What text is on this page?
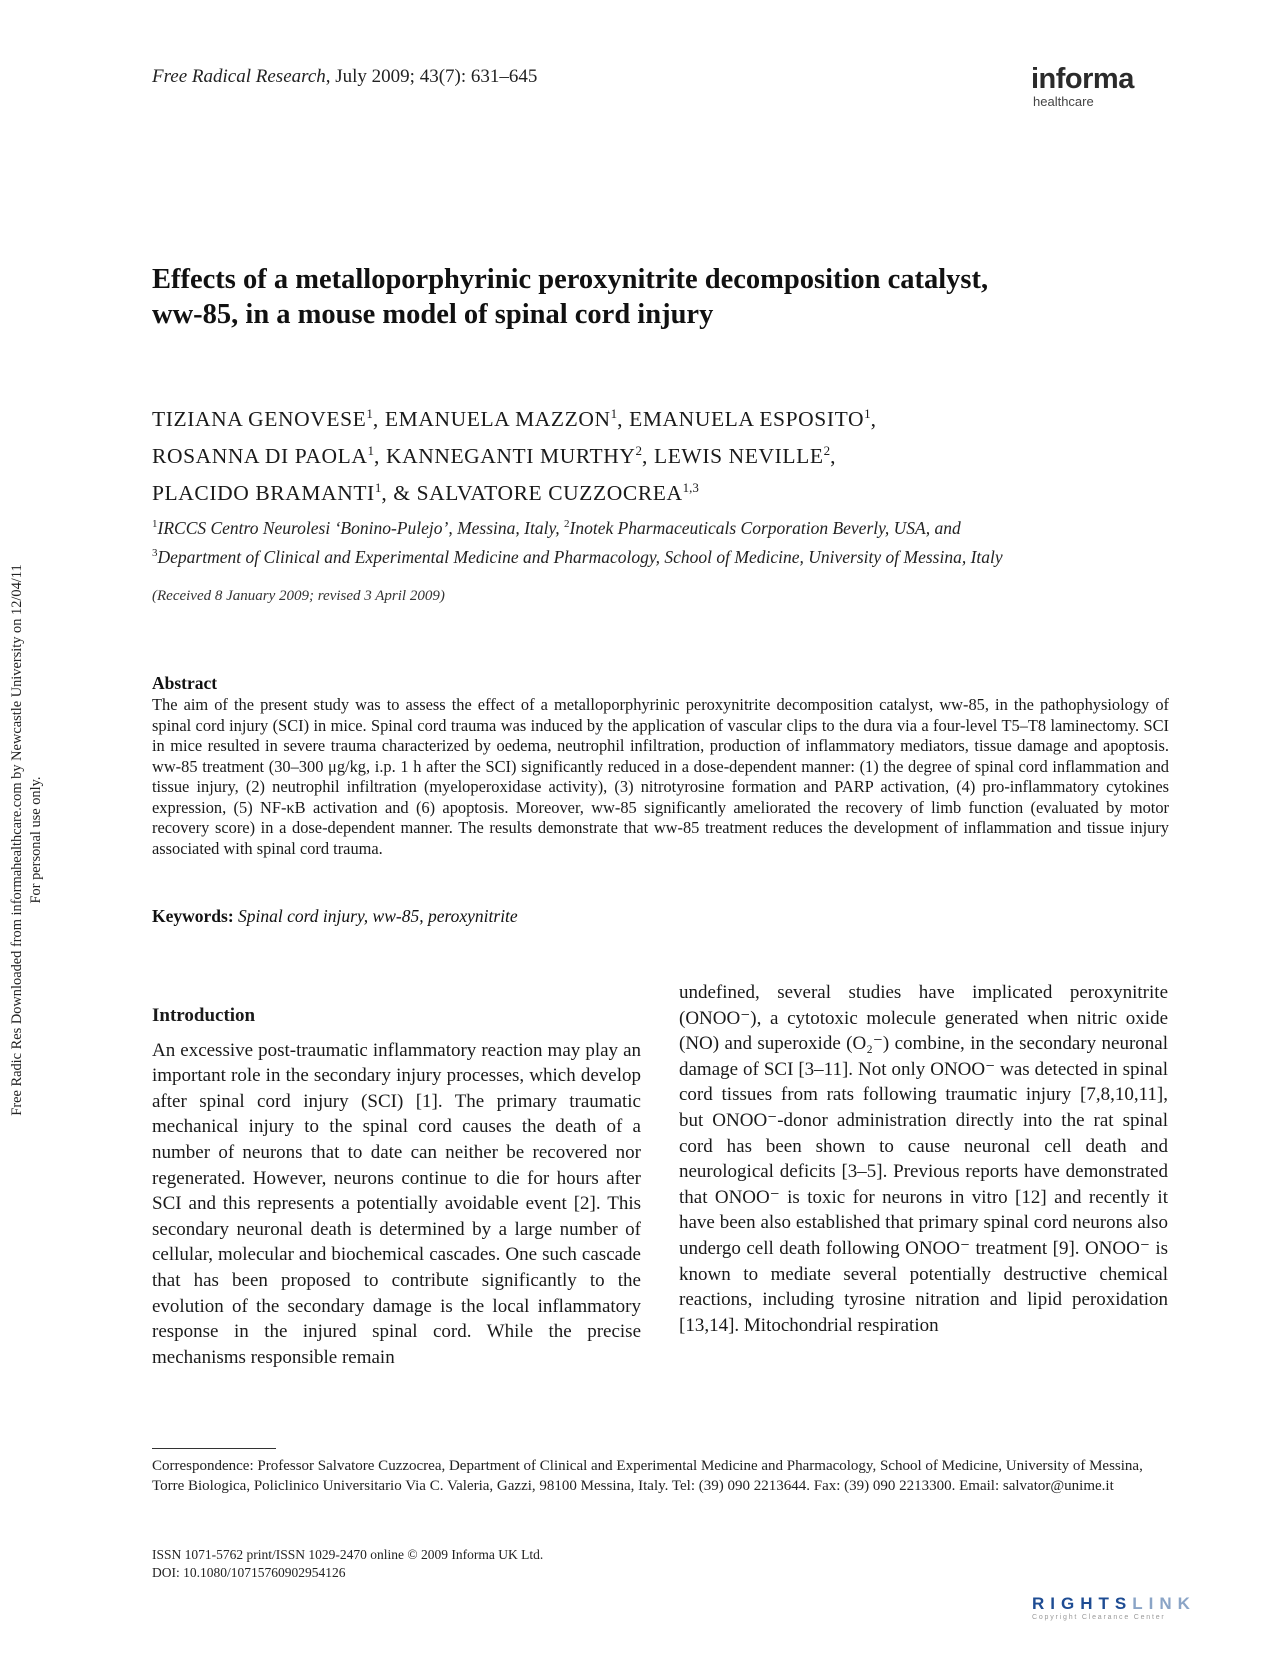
Free Radical Research, July 2009; 43(7): 631–645	informa
healthcare
Effects of a metalloporphyrinic peroxynitrite decomposition catalyst,
ww-85, in a mouse model of spinal cord injury
TIZIANA GENOVESE$^1$, EMANUELA MAZZON$^1$, EMANUELA ESPOSITO$^1$,
ROSANNA DI PAOLA$^1$, KANNEGANTI MURTHY$^2$, LEWIS NEVILLE$^2$,
PLACIDO BRAMANTI$^1$, & SALVATORE CUZZOCREA$^{1,3}$
$^1$IRCCS Centro Neurolesi ‘Bonino-Pulejo’, Messina, Italy, $^2$Inotek Pharmaceuticals Corporation Beverly, USA, and
$^3$Department of Clinical and Experimental Medicine and Pharmacology, School of Medicine, University of Messina, Italy
(Received 8 January 2009; revised 3 April 2009)
Abstract
The aim of the present study was to assess the effect of a metalloporphyrinic peroxynitrite decomposition catalyst, ww-85, in the pathophysiology of spinal cord injury (SCI) in mice. Spinal cord trauma was induced by the application of vascular clips to the dura via a four-level T5–T8 laminectomy. SCI in mice resulted in severe trauma characterized by oedema, neutrophil infiltration, production of inflammatory mediators, tissue damage and apoptosis. ww-85 treatment (30–300 μg/kg, i.p. 1 h after the SCI) significantly reduced in a dose-dependent manner: (1) the degree of spinal cord inflammation and tissue injury, (2) neutrophil infiltration (myeloperoxidase activity), (3) nitrotyrosine formation and PARP activation, (4) pro-inflammatory cytokines expression, (5) NF-κB activation and (6) apoptosis. Moreover, ww-85 significantly ameliorated the recovery of limb function (evaluated by motor recovery score) in a dose-dependent manner. The results demonstrate that ww-85 treatment reduces the development of inflammation and tissue injury associated with spinal cord trauma.
Keywords: Spinal cord injury, ww-85, peroxynitrite
Introduction

An excessive post-traumatic inflammatory reaction may play an important role in the secondary injury processes, which develop after spinal cord injury (SCI) [1]. The primary traumatic mechanical injury to the spinal cord causes the death of a number of neurons that to date can neither be recovered nor regenerated. However, neurons continue to die for hours after SCI and this represents a potentially avoidable event [2]. This secondary neuronal death is determined by a large number of cellular, molecular and biochemical cascades. One such cascade that has been proposed to contribute significantly to the evolution of the secondary damage is the local inflammatory response in the injured spinal cord. While the precise mechanisms responsible remain

undefined, several studies have implicated peroxynitrite (ONOO⁻), a cytotoxic molecule generated when nitric oxide (NO) and superoxide (O₂⁻) combine, in the secondary neuronal damage of SCI [3–11]. Not only ONOO⁻ was detected in spinal cord tissues from rats following traumatic injury [7,8,10,11], but ONOO⁻-donor administration directly into the rat spinal cord has been shown to cause neuronal cell death and neurological deficits [3–5]. Previous reports have demonstrated that ONOO⁻ is toxic for neurons in vitro [12] and recently it have been also established that primary spinal cord neurons also undergo cell death following ONOO⁻ treatment [9]. ONOO⁻ is known to mediate several potentially destructive chemical reactions, including tyrosine nitration and lipid peroxidation [13,14]. Mitochondrial respiration

Correspondence: Professor Salvatore Cuzzocrea, Department of Clinical and Experimental Medicine and Pharmacology, School of Medicine, University of Messina, Torre Biologica, Policlinico Universitario Via C. Valeria, Gazzi, 98100 Messina, Italy. Tel: (39) 090 2213644. Fax: (39) 090 2213300. Email: salvator@unime.it
ISSN 1071-5762 print/ISSN 1029-2470 online © 2009 Informa UK Ltd.
DOI: 10.1080/10715760902954126
Free Radic Res Downloaded from informahealthcare.com by Newcastle University on 12/04/11 For personal use only.
RIGHTSLINK
Copyright Clearance Center
